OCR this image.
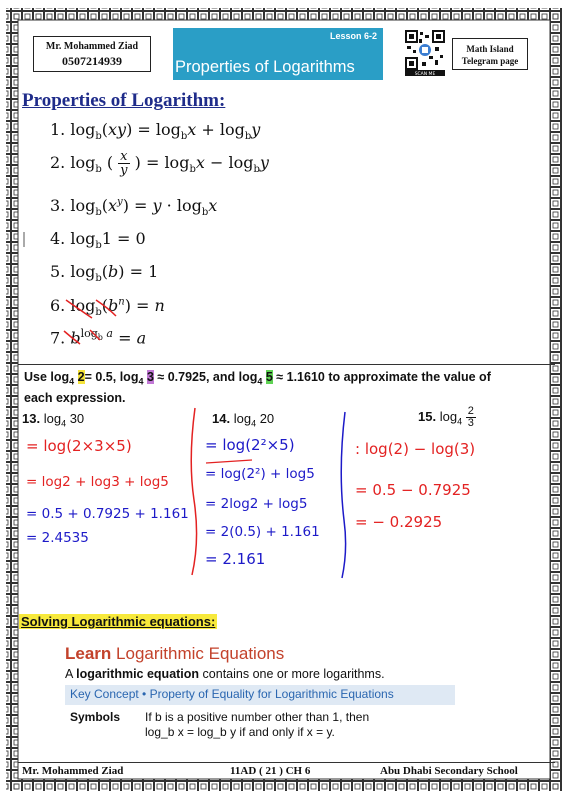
Mr. Mohammed Ziad
0507214939
Lesson 6-2
Properties of Logarithms	SCAN ME
Math Island
Telegram page
Properties of Logarithm:
1. $\log_b(xy) = \log_bx + \log_by$
2. $\log_b$ ( $\frac{x}{y}$ ) = $\log_bx - \log_by$
3. $\log_b(x^y) = y \cdot \log_bx$
4. $\log_b1 = 0$
5. $\log_b(b) = 1$
6. $\log_b(b^n) = n$
7. $b^{log_b a} = a$
Use $\log_4 2= 0.5$, $\log_4 3 \approx 0.7925$, and $\log_4 5 \approx 1.1610$ to approximate the value of
each expression.
13. $\log_4 30$	14. $\log_4 20$	15. $\log_4 \frac{2}{3}$
= log(2×3×5)
= log2 + log3 + log5
= 0.5 + 0.7925 + 1.161
= 2.4535
= log(2²×5)
= log(2²) + log5
= 2log2 + log5
= 2(0.5) + 1.161
= 2.161
: log(2) − log(3)
= 0.5 − 0.7925
= − 0.2925
Solving Logarithmic equations:
Learn Logarithmic Equations
A logarithmic equation contains one or more logarithms.
Key Concept • Property of Equality for Logarithmic Equations
Symbols If b is a positive number other than 1, then
log_b x = log_b y if and only if x = y.
Mr. Mohammed Ziad	11AD ( 21 ) CH 6	Abu Dhabi Secondary School
